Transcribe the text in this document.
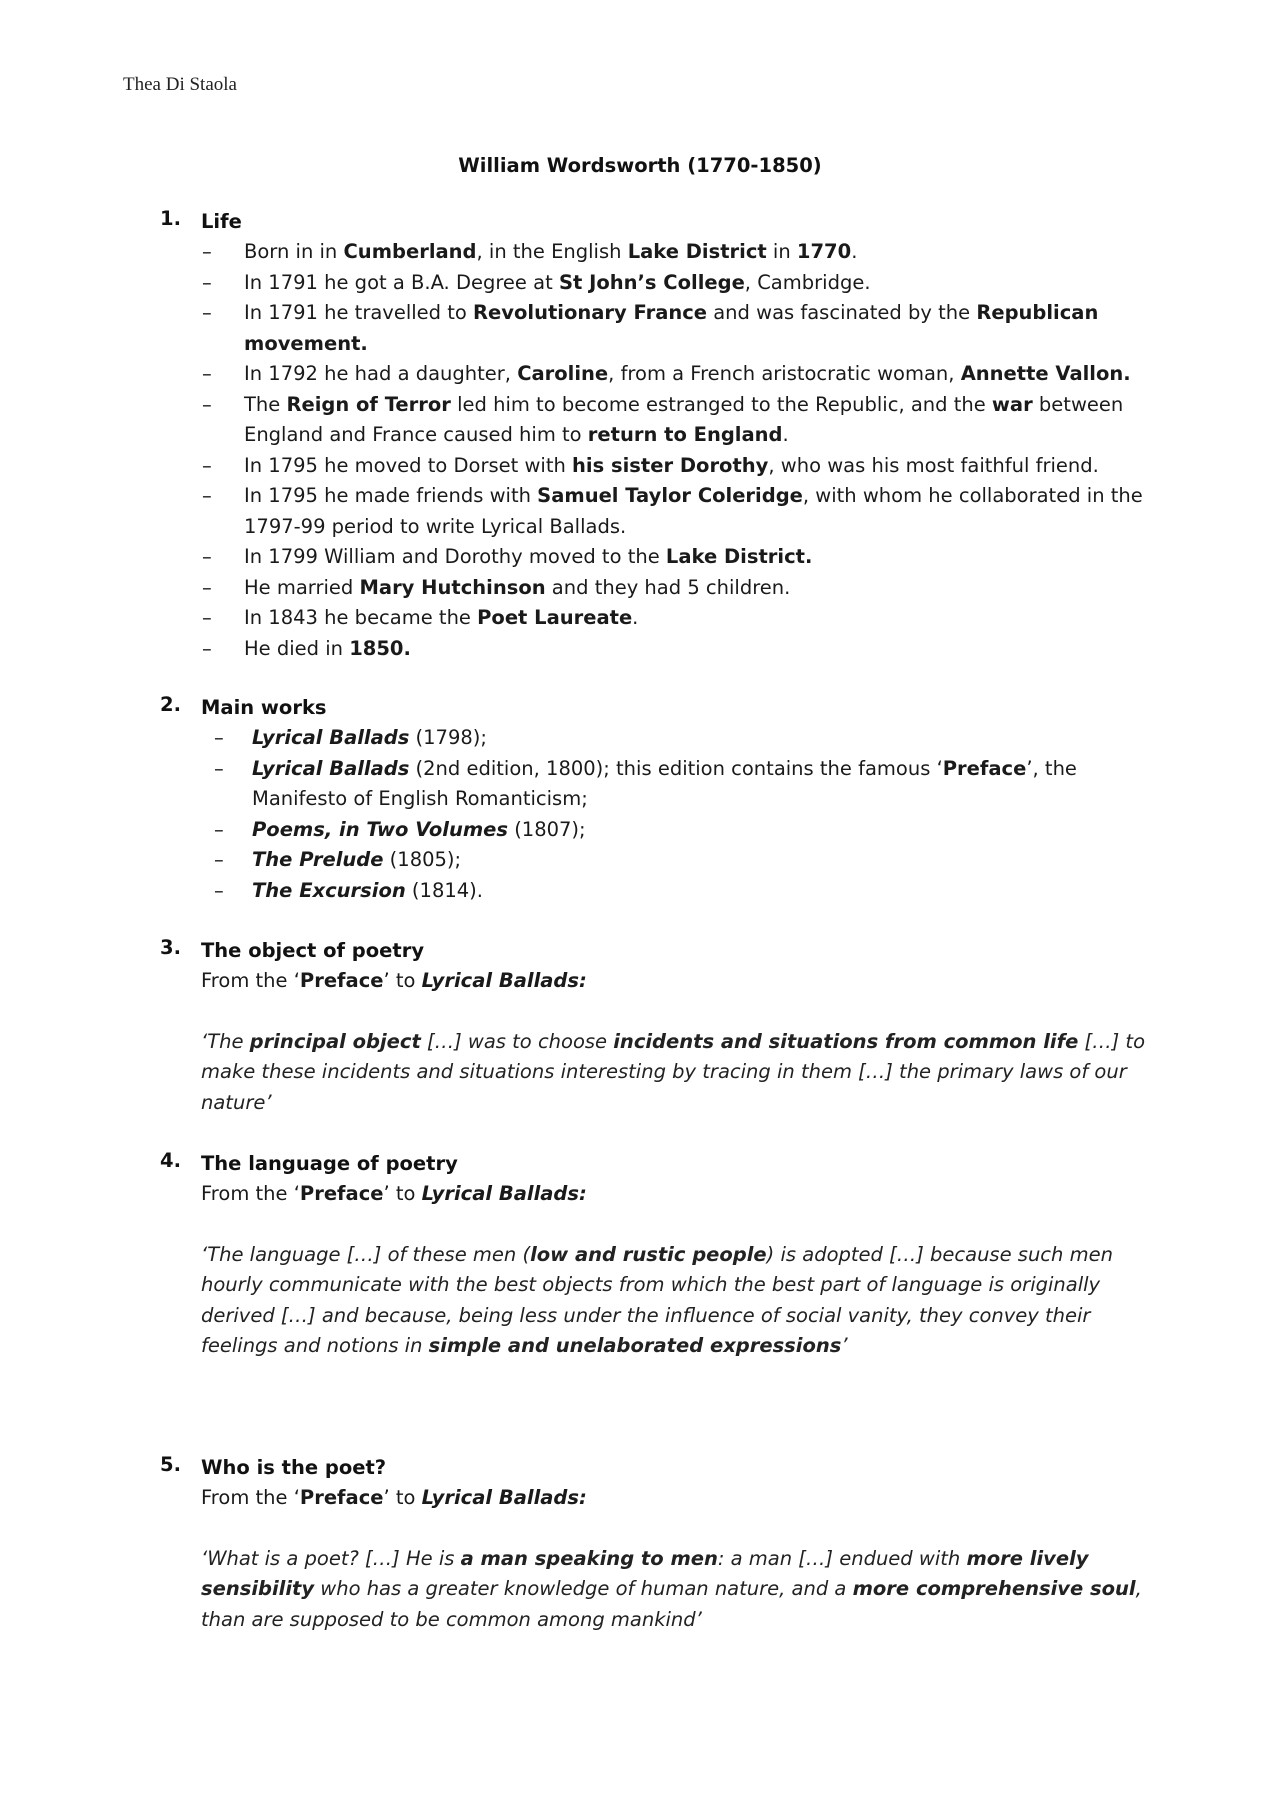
Thea Di Staola
William Wordsworth (1770-1850)
1. Life
– Born in in Cumberland, in the English Lake District in 1770.
– In 1791 he got a B.A. Degree at St John’s College, Cambridge.
– In 1791 he travelled to Revolutionary France and was fascinated by the Republican movement.
– In 1792 he had a daughter, Caroline, from a French aristocratic woman, Annette Vallon.
– The Reign of Terror led him to become estranged to the Republic, and the war between England and France caused him to return to England.
– In 1795 he moved to Dorset with his sister Dorothy, who was his most faithful friend.
– In 1795 he made friends with Samuel Taylor Coleridge, with whom he collaborated in the 1797-99 period to write Lyrical Ballads.
– In 1799 William and Dorothy moved to the Lake District.
– He married Mary Hutchinson and they had 5 children.
– In 1843 he became the Poet Laureate.
– He died in 1850.
2. Main works
– Lyrical Ballads (1798);
– Lyrical Ballads (2nd edition, 1800); this edition contains the famous ‘Preface’, the Manifesto of English Romanticism;
– Poems, in Two Volumes (1807);
– The Prelude (1805);
– The Excursion (1814).
3. The object of poetry
From the ‘Preface’ to Lyrical Ballads:
‘The principal object […] was to choose incidents and situations from common life […] to make these incidents and situations interesting by tracing in them […] the primary laws of our nature’
4. The language of poetry
From the ‘Preface’ to Lyrical Ballads:
‘The language […] of these men (low and rustic people) is adopted […] because such men hourly communicate with the best objects from which the best part of language is originally derived […] and because, being less under the influence of social vanity, they convey their feelings and notions in simple and unelaborated expressions’
5. Who is the poet?
From the ‘Preface’ to Lyrical Ballads:
‘What is a poet? […] He is a man speaking to men: a man […] endued with more lively sensibility who has a greater knowledge of human nature, and a more comprehensive soul, than are supposed to be common among mankind’
